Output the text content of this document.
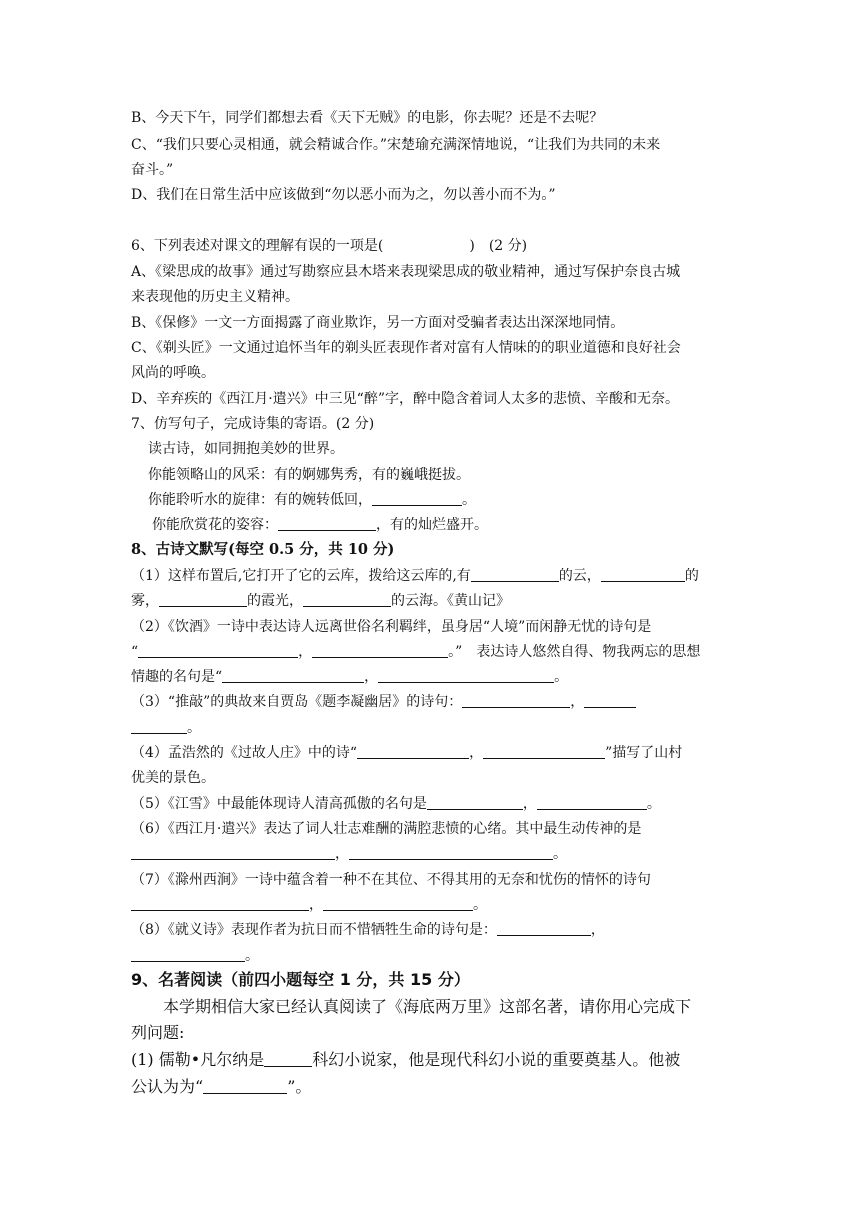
B、今天下午，同学们都想去看《天下无贼》的电影，你去呢？还是不去呢？
C、“我们只要心灵相通，就会精诚合作。”宋楚瑜充满深情地说，“让我们为共同的未来
奋斗。”
D、我们在日常生活中应该做到“勿以恶小而为之，勿以善小而不为。”
6、下列表述对课文的理解有误的一项是(	)　(2 分)
A、《梁思成的故事》通过写勘察应县木塔来表现梁思成的敬业精神，通过写保护奈良古城
来表现他的历史主义精神。
B、《保修》一文一方面揭露了商业欺诈，另一方面对受骗者表达出深深地同情。
C、《剃头匠》一文通过追怀当年的剃头匠表现作者对富有人情味的的职业道德和良好社会
风尚的呼唤。
D、辛弃疾的《西江月·遣兴》中三见“醉”字，醉中隐含着词人太多的悲愤、辛酸和无奈。
7、仿写句子，完成诗集的寄语。(2 分)
读古诗，如同拥抱美妙的世界。
你能领略山的风采：有的婀娜隽秀，有的巍峨挺拔。
你能聆听水的旋律：有的婉转低回，	。
你能欣赏花的姿容：	，有的灿烂盛开。
8、古诗文默写(每空 0.5 分，共 10 分)
（1）这样布置后,它打开了它的云库，拨给这云库的,有	的云，	的
雾，	的霞光，	的云海。《黄山记》
（2）《饮酒》一诗中表达诗人远离世俗名利羁绊，虽身居“人境”而闲静无忧的诗句是
“	，	。”　表达诗人悠然自得、物我两忘的思想
情趣的名句是“	，	。
（3）“推敲”的典故来自贾岛《题李凝幽居》的诗句：	，
。
（4）孟浩然的《过故人庄》中的诗“	，	”描写了山村
优美的景色。
（5）《江雪》中最能体现诗人清高孤傲的名句是	，	。
（6）《西江月·遣兴》表达了词人壮志难酬的满腔悲愤的心绪。其中最生动传神的是
，	。
（7）《滁州西涧》一诗中蕴含着一种不在其位、不得其用的无奈和忧伤的情怀的诗句
，	。
（8）《就义诗》表现作者为抗日而不惜牺牲生命的诗句是：	，
。
9、名著阅读（前四小题每空 1 分，共 15 分）
本学期相信大家已经认真阅读了《海底两万里》这部名著，请你用心完成下
列问题:
(1) 儒勒•凡尔纳是	科幻小说家，他是现代科幻小说的重要奠基人。他被
公认为为“	”。
